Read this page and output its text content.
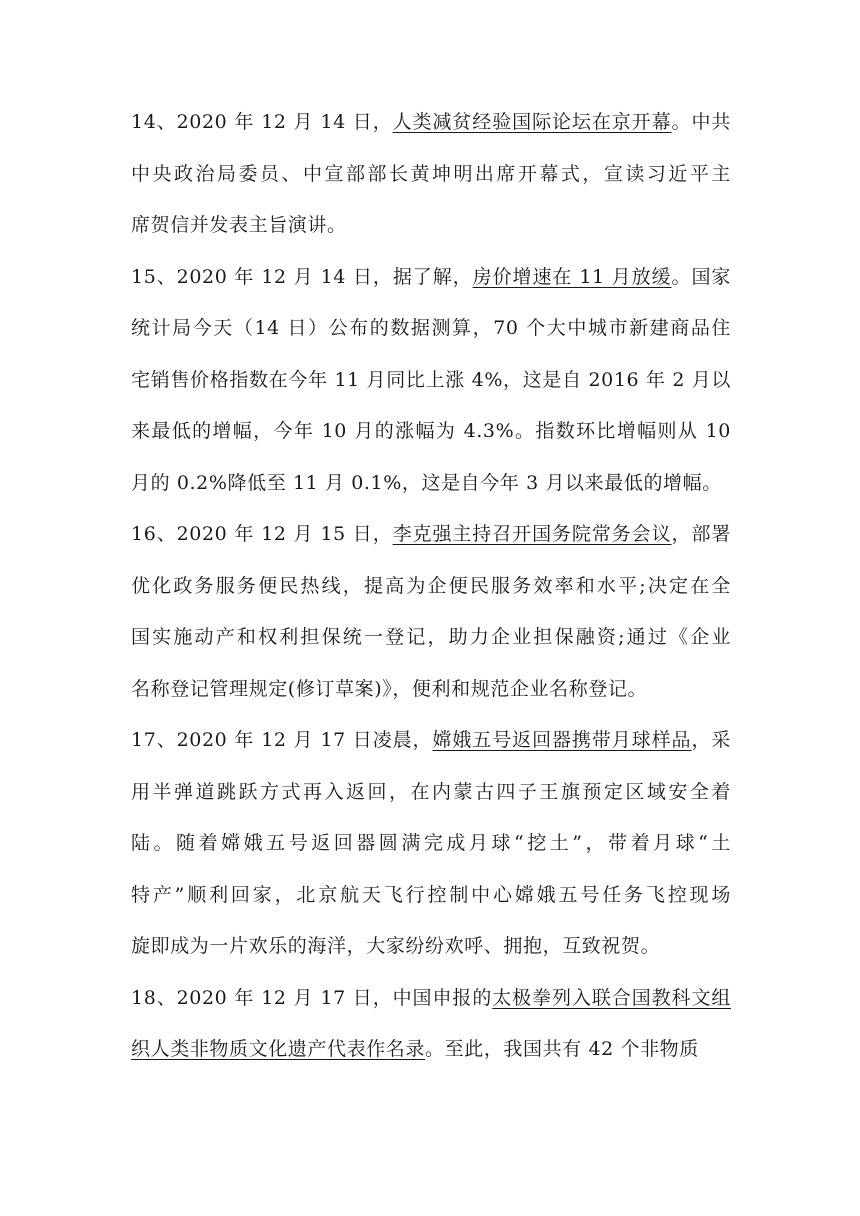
14、2020 年 12 月 14 日，人类减贫经验国际论坛在京开幕。中共
中央政治局委员、中宣部部长黄坤明出席开幕式，宣读习近平主
席贺信并发表主旨演讲。
15、2020 年 12 月 14 日，据了解，房价增速在 11 月放缓。国家
统计局今天（14 日）公布的数据测算，70 个大中城市新建商品住
宅销售价格指数在今年 11 月同比上涨 4%，这是自 2016 年 2 月以
来最低的增幅，今年 10 月的涨幅为 4.3%。指数环比增幅则从 10
月的 0.2%降低至 11 月 0.1%，这是自今年 3 月以来最低的增幅。
16、2020 年 12 月 15 日，李克强主持召开国务院常务会议，部署
优化政务服务便民热线，提高为企便民服务效率和水平;决定在全
国实施动产和权利担保统一登记，助力企业担保融资;通过《企业
名称登记管理规定(修订草案)》，便利和规范企业名称登记。
17、2020 年 12 月 17 日凌晨，嫦娥五号返回器携带月球样品，采
用半弹道跳跃方式再入返回，在内蒙古四子王旗预定区域安全着
陆。随着嫦娥五号返回器圆满完成月球“挖土”，带着月球“土
特产”顺利回家，北京航天飞行控制中心嫦娥五号任务飞控现场
旋即成为一片欢乐的海洋，大家纷纷欢呼、拥抱，互致祝贺。
18、2020 年 12 月 17 日，中国申报的太极拳列入联合国教科文组
织人类非物质文化遗产代表作名录。至此，我国共有 42 个非物质
